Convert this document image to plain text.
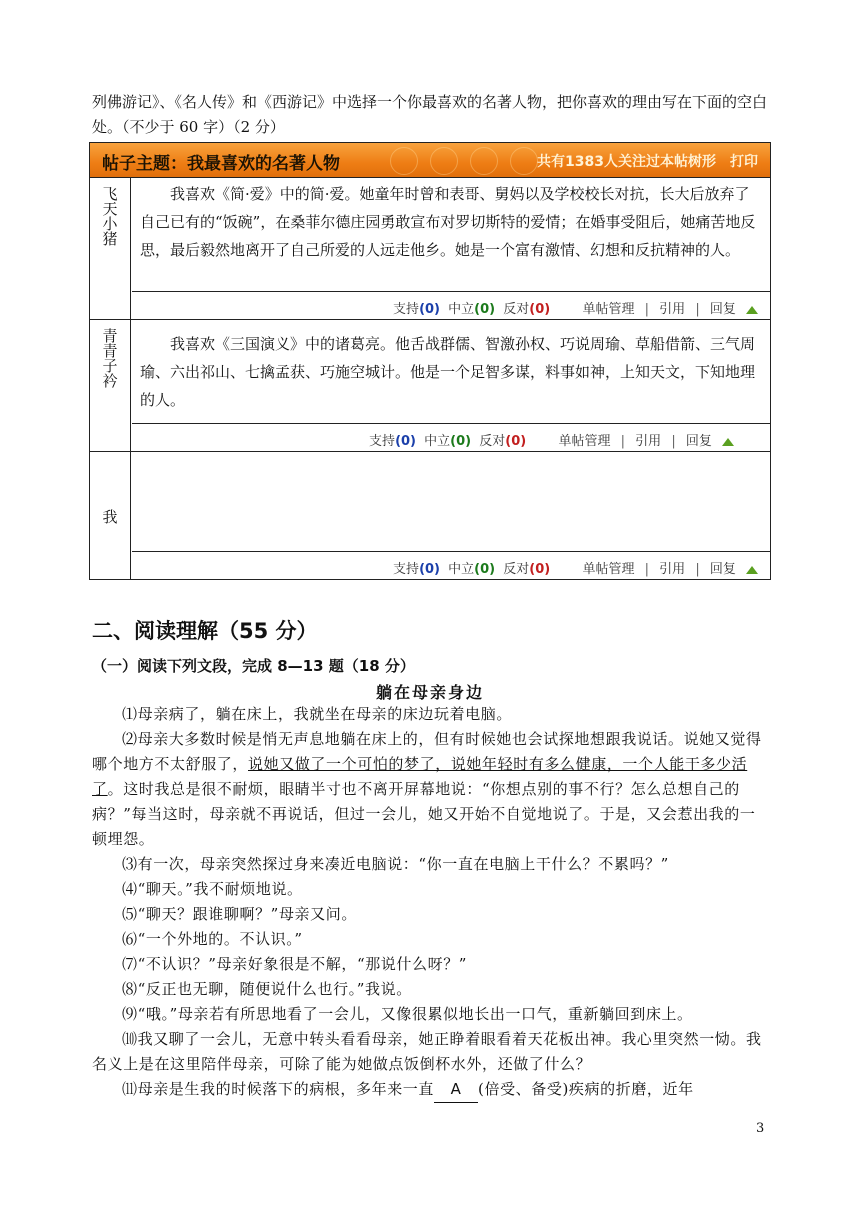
列佛游记》、《名人传》和《西游记》中选择一个你最喜欢的名著人物，把你喜欢的理由写在下面的空白处。（不少于 60 字）（2 分）
帖子主题：我最喜欢的名著人物	共有1383人关注过本帖 树形　打印
飞天小猪	我喜欢《简·爱》中的简·爱。她童年时曾和表哥、舅妈以及学校校长对抗，长大后放弃了自己已有的“饭碗”，在桑菲尔德庄园勇敢宣布对罗切斯特的爱情；在婚事受阻后，她痛苦地反思，最后毅然地离开了自己所爱的人远走他乡。她是一个富有激情、幻想和反抗精神的人。
支持(0) 中立(0) 反对(0) 单帖管理 | 引用 | 回复
青青子衿	我喜欢《三国演义》中的诸葛亮。他舌战群儒、智激孙权、巧说周瑜、草船借箭、三气周瑜、六出祁山、七擒孟获、巧施空城计。他是一个足智多谋，料事如神，上知天文，下知地理的人。
支持(0) 中立(0) 反对(0) 单帖管理 | 引用 | 回复
我
支持(0) 中立(0) 反对(0) 单帖管理 | 引用 | 回复
二、阅读理解（55 分）
（一）阅读下列文段，完成 8—13 题（18 分）
躺在母亲身边

⑴母亲病了，躺在床上，我就坐在母亲的床边玩着电脑。

⑵母亲大多数时候是悄无声息地躺在床上的，但有时候她也会试探地想跟我说话。说她又觉得哪个地方不太舒服了，说她又做了一个可怕的梦了，说她年轻时有多么健康，一个人能干多少活了。这时我总是很不耐烦，眼睛半寸也不离开屏幕地说：“你想点别的事不行？怎么总想自己的病？”每当这时，母亲就不再说话，但过一会儿，她又开始不自觉地说了。于是，又会惹出我的一顿埋怨。

⑶有一次，母亲突然探过身来凑近电脑说：“你一直在电脑上干什么？不累吗？”

⑷“聊天。”我不耐烦地说。

⑸“聊天？跟谁聊啊？”母亲又问。

⑹“一个外地的。不认识。”

⑺“不认识？”母亲好象很是不解，“那说什么呀？”

⑻“反正也无聊，随便说什么也行。”我说。

⑼“哦。”母亲若有所思地看了一会儿，又像很累似地长出一口气，重新躺回到床上。

⑽我又聊了一会儿，无意中转头看看母亲，她正睁着眼看着天花板出神。我心里突然一恸。我名义上是在这里陪伴母亲，可除了能为她做点饭倒杯水外，还做了什么？

⑾母亲是生我的时候落下的病根，多年来一直 A (倍受、备受)疾病的折磨，近年

3
